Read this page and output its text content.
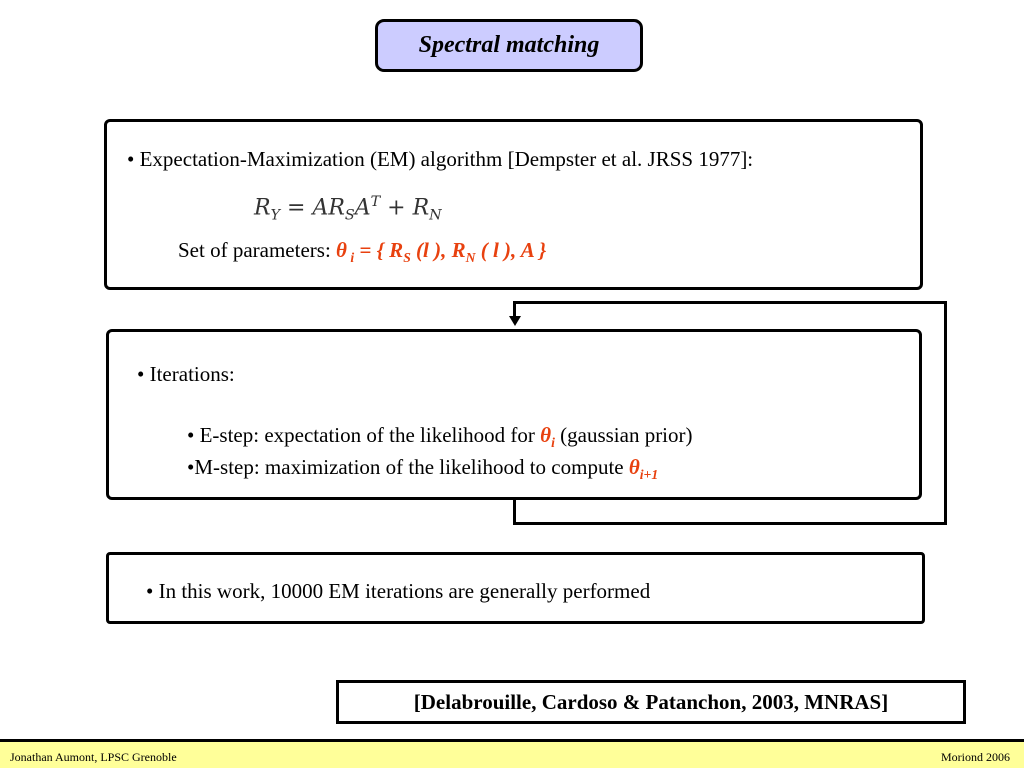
Spectral matching
• Expectation-Maximization (EM) algorithm [Dempster et al. JRSS 1977]:
$R_Y = AR_SA^T + R_N$
Set of parameters: θ $_i$ = { $R_S$ (l ), $R_N$ ( l ), A }
• Iterations:
• E-step: expectation of the likelihood for $\theta_i$ (gaussian prior)
•M-step: maximization of the likelihood to compute $\theta_{i+1}$
• In this work, 10000 EM iterations are generally performed
[Delabrouille, Cardoso & Patanchon, 2003, MNRAS]
Jonathan Aumont, LPSC Grenoble	Moriond 2006
